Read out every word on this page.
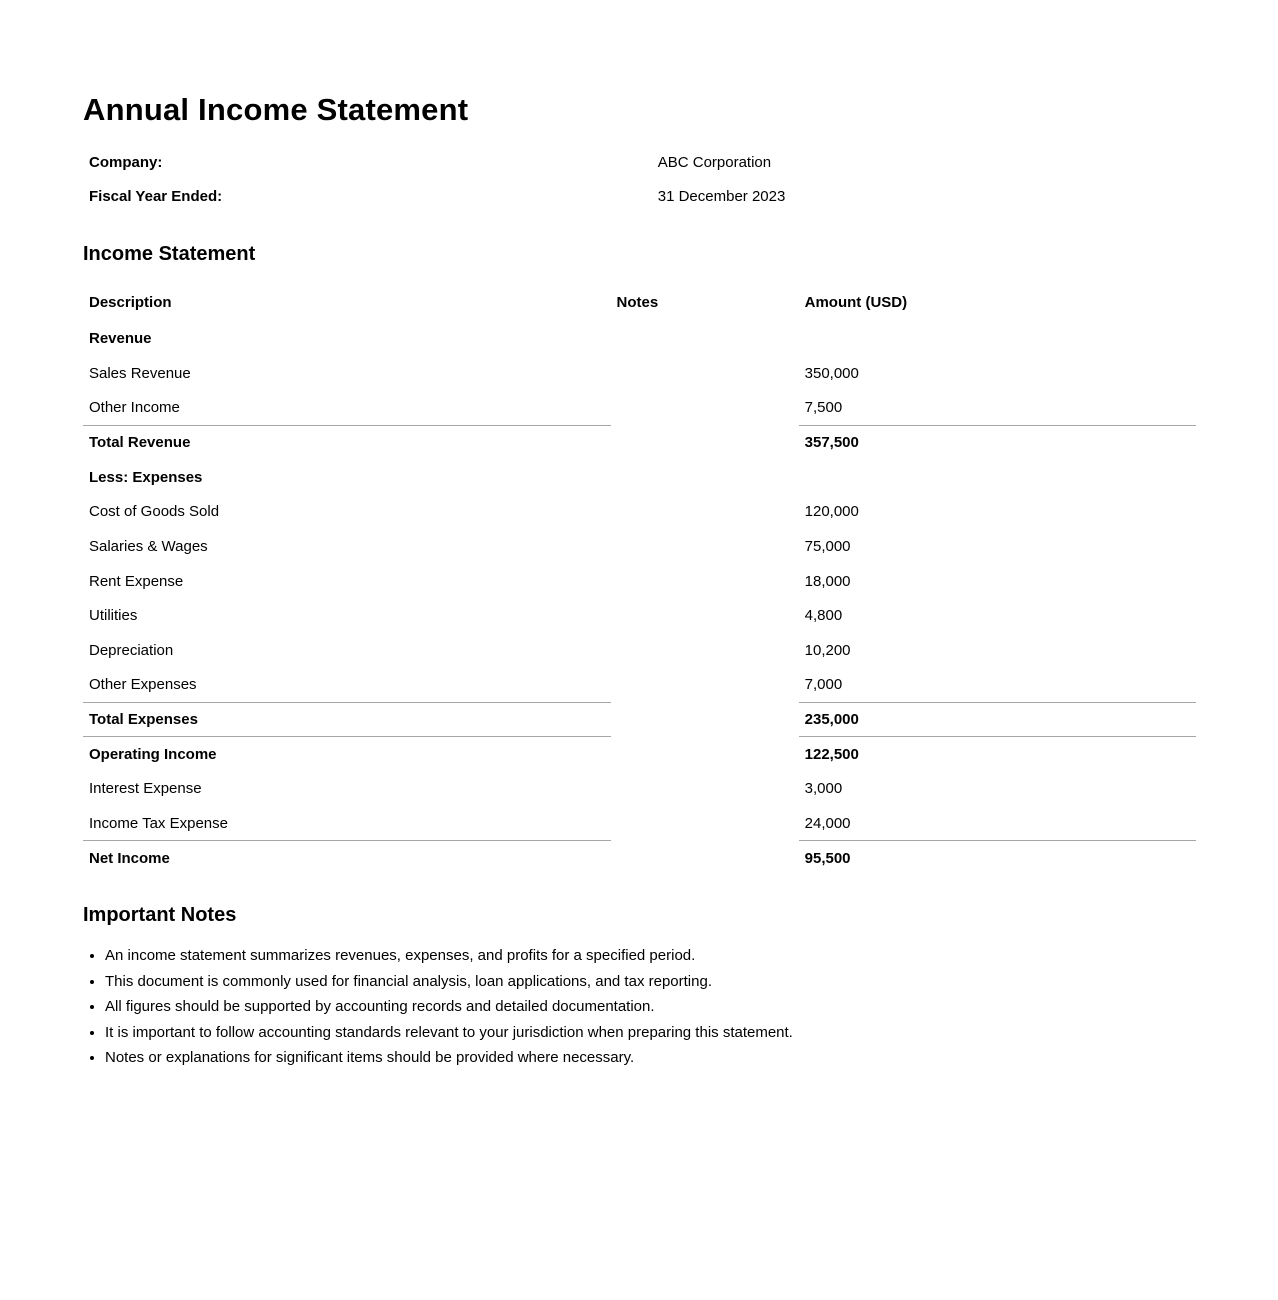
Annual Income Statement
Company:	ABC Corporation
Fiscal Year Ended:	31 December 2023
Income Statement
Description	Notes	Amount (USD)
Revenue		
Sales Revenue		350,000
Other Income		7,500
Total Revenue		357,500
Less: Expenses		
Cost of Goods Sold		120,000
Salaries & Wages		75,000
Rent Expense		18,000
Utilities		4,800
Depreciation		10,200
Other Expenses		7,000
Total Expenses		235,000
Operating Income		122,500
Interest Expense		3,000
Income Tax Expense		24,000
Net Income		95,500
Important Notes
An income statement summarizes revenues, expenses, and profits for a specified period.
This document is commonly used for financial analysis, loan applications, and tax reporting.
All figures should be supported by accounting records and detailed documentation.
It is important to follow accounting standards relevant to your jurisdiction when preparing this statement.
Notes or explanations for significant items should be provided where necessary.
